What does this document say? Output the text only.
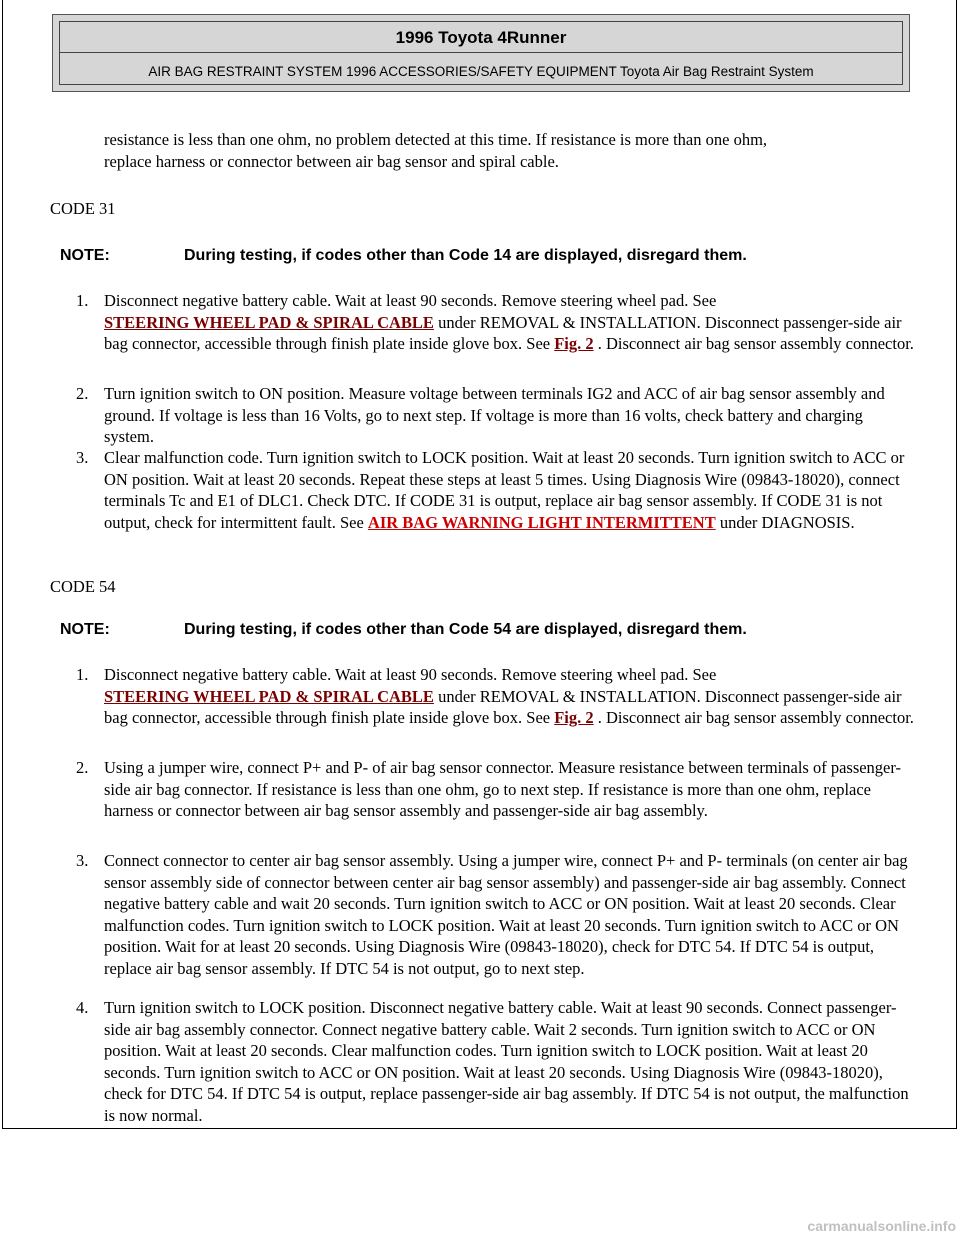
1996 Toyota 4Runner
AIR BAG RESTRAINT SYSTEM 1996 ACCESSORIES/SAFETY EQUIPMENT Toyota Air Bag Restraint System
resistance is less than one ohm, no problem detected at this time. If resistance is more than one ohm,
replace harness or connector between air bag sensor and spiral cable.
CODE 31
NOTE:	During testing, if codes other than Code 14 are displayed, disregard them.
1. Disconnect negative battery cable. Wait at least 90 seconds. Remove steering wheel pad. See
STEERING WHEEL PAD & SPIRAL CABLE under REMOVAL & INSTALLATION. Disconnect passenger-side air bag connector, accessible through finish plate inside glove box. See Fig. 2 . Disconnect air bag sensor assembly connector.
2. Turn ignition switch to ON position. Measure voltage between terminals IG2 and ACC of air bag sensor assembly and ground. If voltage is less than 16 Volts, go to next step. If voltage is more than 16 volts, check battery and charging system.
3. Clear malfunction code. Turn ignition switch to LOCK position. Wait at least 20 seconds. Turn ignition switch to ACC or ON position. Wait at least 20 seconds. Repeat these steps at least 5 times. Using Diagnosis Wire (09843-18020), connect terminals Tc and E1 of DLC1. Check DTC. If CODE 31 is output, replace air bag sensor assembly. If CODE 31 is not output, check for intermittent fault. See AIR BAG WARNING LIGHT INTERMITTENT under DIAGNOSIS.
CODE 54
NOTE:	During testing, if codes other than Code 54 are displayed, disregard them.
1. Disconnect negative battery cable. Wait at least 90 seconds. Remove steering wheel pad. See
STEERING WHEEL PAD & SPIRAL CABLE under REMOVAL & INSTALLATION. Disconnect passenger-side air bag connector, accessible through finish plate inside glove box. See Fig. 2 . Disconnect air bag sensor assembly connector.
2. Using a jumper wire, connect P+ and P- of air bag sensor connector. Measure resistance between terminals of passenger-side air bag connector. If resistance is less than one ohm, go to next step. If resistance is more than one ohm, replace harness or connector between air bag sensor assembly and passenger-side air bag assembly.
3. Connect connector to center air bag sensor assembly. Using a jumper wire, connect P+ and P- terminals (on center air bag sensor assembly side of connector between center air bag sensor assembly) and passenger-side air bag assembly. Connect negative battery cable and wait 20 seconds. Turn ignition switch to ACC or ON position. Wait at least 20 seconds. Clear malfunction codes. Turn ignition switch to LOCK position. Wait at least 20 seconds. Turn ignition switch to ACC or ON position. Wait for at least 20 seconds. Using Diagnosis Wire (09843-18020), check for DTC 54. If DTC 54 is output, replace air bag sensor assembly. If DTC 54 is not output, go to next step.
4. Turn ignition switch to LOCK position. Disconnect negative battery cable. Wait at least 90 seconds. Connect passenger-side air bag assembly connector. Connect negative battery cable. Wait 2 seconds. Turn ignition switch to ACC or ON position. Wait at least 20 seconds. Clear malfunction codes. Turn ignition switch to LOCK position. Wait at least 20 seconds. Turn ignition switch to ACC or ON position. Wait at least 20 seconds. Using Diagnosis Wire (09843-18020), check for DTC 54. If DTC 54 is output, replace passenger-side air bag assembly. If DTC 54 is not output, the malfunction is now normal.
carmanualsonline.info
